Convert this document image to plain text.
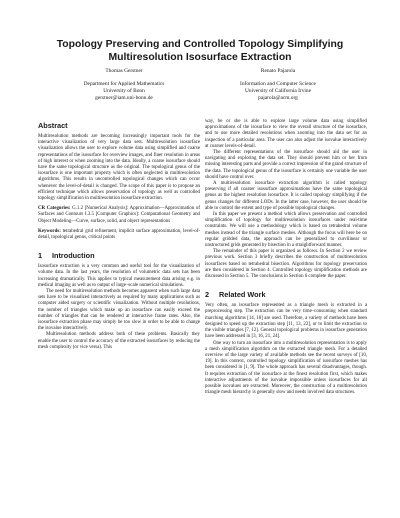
Topology Preserving and Controlled Topology Simplifying
Multiresolution Isosurface Extraction
Thomas Gerstner
Department for Applied Mathematics
University of Bonn
gerstner@iam.uni-bonn.de
Renato Pajarola
Information and Computer Science
University of California Irvine
pajarola@acm.org
Abstract

Multiresolution methods are becoming increasingly important tools for the interactive visualization of very large data sets. Multiresolution isosurface visualization allows the user to explore volume data using simplified and coarse representations of the isosurface for overview images, and finer resolution in areas of high interest or when zooming into the data. Ideally, a coarse isosurface should have the same topological structure as the original. The topological genus of the isosurface is one important property which is often neglected in multiresolution algorithms. This results in uncontrolled topological changes which can occur whenever the level-of-detail is changed. The scope of this paper is to propose an efficient technique which allows preservation of topology as well as controlled topology simplification in multiresolution isosurface extraction.

CR Categories: G.1.2 [Numerical Analysis]: Approximation—Approximation of Surfaces and Contours I.3.5 [Computer Graphics]: Computational Geometry and Object Modeling—Curve, surface, solid, and object representations

Keywords: tetrahedral grid refinement, implicit surface approximation, level-of-detail, topological genus, critical points

1 Introduction

Isosurface extraction is a very common and useful tool for the visualization of volume data. In the last years, the resolution of volumetric data sets has been increasing dramatically. This applies to typical measurement data arising e.g. in medical imaging as well as to output of large–scale numerical simulations.

The need for multiresolution methods becomes apparent when such large data sets have to be visualized interactively as required by many applications such as computer aided surgery or scientific visualization. Without multiple resolutions, the number of triangles which make up an isosurface can easily exceed the number of triangles that can be rendered at interactive frame rates. Also, the isosurface extraction phase may simply be too slow in order to be able to change the isovalue interactively.

Multiresolution methods address both of these problems. Basically they enable the user to control the accuracy of the extracted isosurfaces by reducing the mesh complexity (or vice versa). This

way, he or she is able to explore large volume data using simplified approximations of the isosurface to view the overall structure of the isosurface, and to use more detailed resolutions when zooming into the data set for an inspection of a particular area. The user can also adjust the isovalue interactively at coarser levels-of-detail.

The different representations of the isosurface should aid the user in navigating and exploring the data set. They should prevent him or her from missing interesting parts and provide a correct impression of the grand structure of the data. The topological genus of the isosurface is certainly one variable the user should have control over.

A multiresolution isosurface extraction algorithm is called topology preserving if all coarser isosurface approximations have the same topological genus as the highest resolution isosurface. It is called topology simplifying if the genus changes for different LODs. In the latter case, however, the user should be able to control the extent and type of possible topological changes.

In this paper we present a method which allows preservation and controlled simplification of topology for multiresolution isosurfaces under real-time constraints. We will use a methodology which is based on tetrahedral volume meshes instead of the triangle surface meshes. Although the focus will here be on regular gridded data, the approach can be generalized to curvilinear or unstructured grids generated by bisection in a straightforward manner.

The remainder of this paper is organized as follows. In Section 2 we review previous work. Section 3 briefly describes the construction of multiresolution isosurfaces based on tetrahedral bisection. Algorithms for topology preservation are then considered in Section 4. Controlled topology simplification methods are discussed in Section 5. The conclusions in Section 6 complete the paper.

2 Related Work

Very often, an isosurface represented as a triangle mesh is extracted in a preprocessing step. The extraction can be very time–consuming when standard marching algorithms [14, 18] are used. Therefore, a variety of methods have been designed to speed up the extraction step [11, 13, 22], or to limit the extraction to the visible triangles [7, 12]. General topological problems in isosurface generation have been addressed in [3, 16, 21, 24].

One way to turn an isosurface into a multiresolution representation is to apply a mesh simplification algorithm on the extracted triangle mesh. For a detailed overview of the large variety of available methods see the recent surveys of [10, 19]. In this context, controlled topology simplification of isosurface meshes has been considered in [1, 9]. The whole approach has several disadvantages, though. It requires extraction of the isosurface at the finest resolution first, which makes interactive adjustments of the isovalue impossible unless isosurfaces for all possible isovalues are extracted. Moreover, the construction of a multiresolution triangle mesh hierarchy is generally slow and needs involved data structures.
